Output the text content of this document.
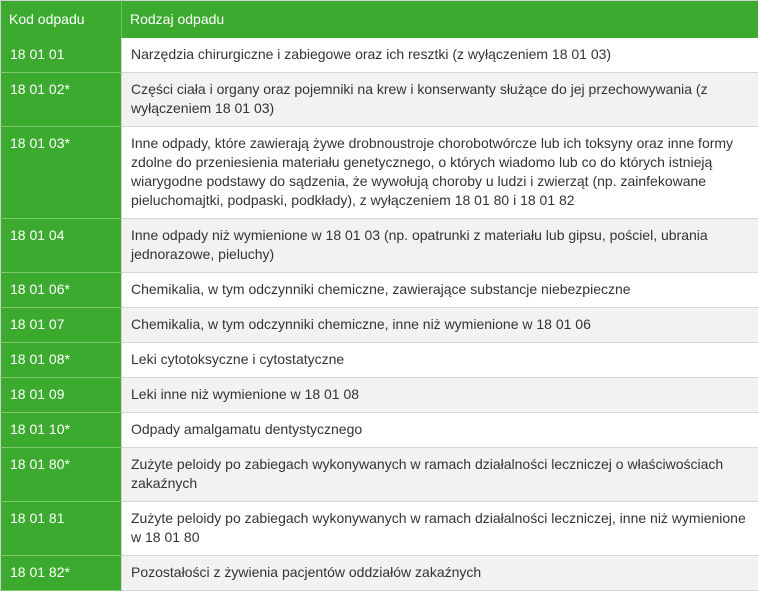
Kod odpadu	Rodzaj odpadu
18 01 01	Narzędzia chirurgiczne i zabiegowe oraz ich resztki (z wyłączeniem 18 01 03)
18 01 02*	Części ciała i organy oraz pojemniki na krew i konserwanty służące do jej przechowywania (z wyłączeniem 18 01 03)
18 01 03*	Inne odpady, które zawierają żywe drobnoustroje chorobotwórcze lub ich toksyny oraz inne formy zdolne do przeniesienia materiału genetycznego, o których wiadomo lub co do których istnieją wiarygodne podstawy do sądzenia, że wywołują choroby u ludzi i zwierząt (np. zainfekowane pieluchomajtki, podpaski, podkłady), z wyłączeniem 18 01 80 i 18 01 82
18 01 04	Inne odpady niż wymienione w 18 01 03 (np. opatrunki z materiału lub gipsu, pościel, ubrania jednorazowe, pieluchy)
18 01 06*	Chemikalia, w tym odczynniki chemiczne, zawierające substancje niebezpieczne
18 01 07	Chemikalia, w tym odczynniki chemiczne, inne niż wymienione w 18 01 06
18 01 08*	Leki cytotoksyczne i cytostatyczne
18 01 09	Leki inne niż wymienione w 18 01 08
18 01 10*	Odpady amalgamatu dentystycznego
18 01 80*	Zużyte peloidy po zabiegach wykonywanych w ramach działalności leczniczej o właściwościach zakaźnych
18 01 81	Zużyte peloidy po zabiegach wykonywanych w ramach działalności leczniczej, inne niż wymienione w 18 01 80
18 01 82*	Pozostałości z żywienia pacjentów oddziałów zakaźnych
